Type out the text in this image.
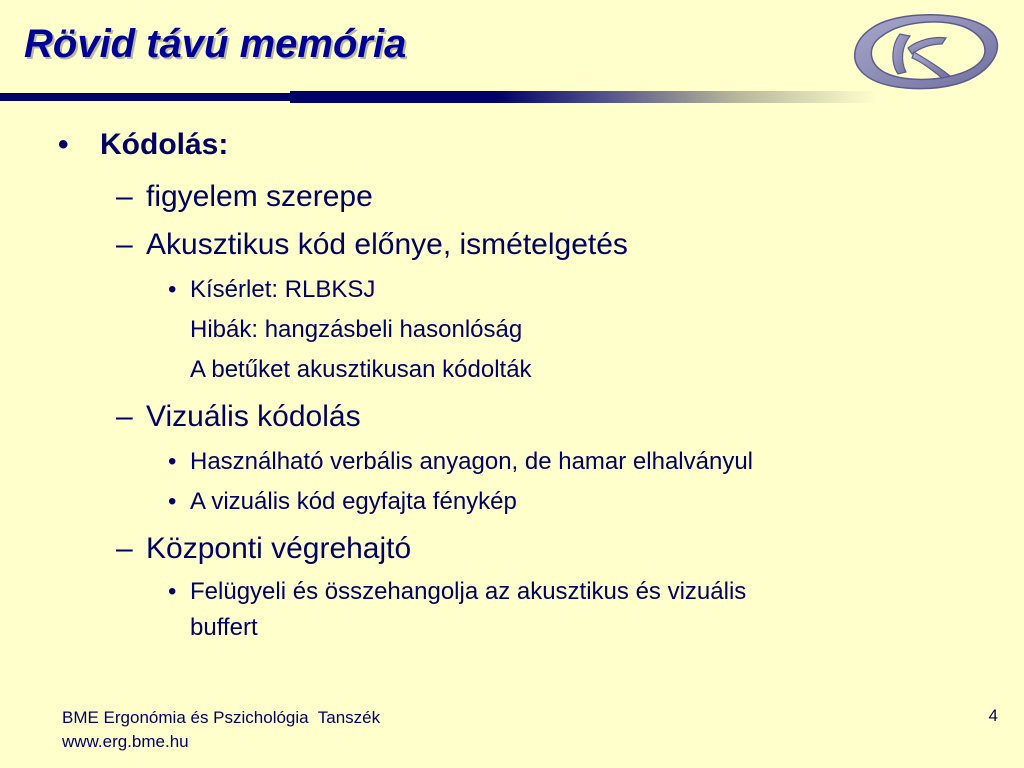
Rövid távú memória
• Kódolás:
– figyelem szerepe
– Akusztikus kód előnye, ismételgetés
• Kísérlet: RLBKSJ
Hibák: hangzásbeli hasonlóság
A betűket akusztikusan kódolták
– Vizuális kódolás
• Használható verbális anyagon, de hamar elhalványul
• A vizuális kód egyfajta fénykép
– Központi végrehajtó
• Felügyeli és összehangolja az akusztikus és vizuális
buffert
BME Ergonómia és Pszichológia  Tanszék
www.erg.bme.hu
4
